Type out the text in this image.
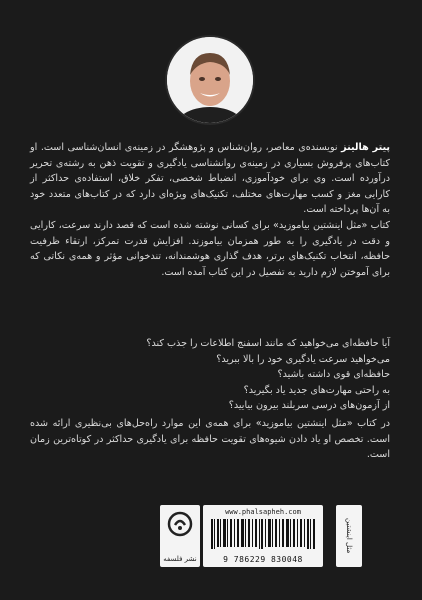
پیتر هالینز نویسنده‌ی معاصر، روان‌شناس و پژوهشگر در زمینه‌ی انسان‌شناسی است. او کتاب‌های پرفروش بسیاری در زمینه‌ی روانشناسی یادگیری و تقویت ذهن به رشته‌ی تحریر درآورده است. وی برای خودآموزی، انضباط شخصی، تفکر خلاق، استفاده‌ی حداکثر از کارایی مغز و کسب مهارت‌های مختلف، تکنیک‌های ویژه‌ای دارد که در کتاب‌های متعدد خود به آن‌ها پرداخته است.

کتاب «مثل اینشتین بیاموزید» برای کسانی نوشته شده است که قصد دارند سرعت، کارایی و دقت در یادگیری را به طور همزمان بیاموزند. افزایش قدرت تمرکز، ارتقاء ظرفیت حافظه، انتخاب تکنیک‌های برتر، هدف گذاری هوشمندانه، تندخوانی مؤثر و همه‌ی نکاتی که برای آموختن لازم دارید به تفصیل در این کتاب آمده است.

آیا حافظه‌ای می‌خواهید که مانند اسفنج اطلاعات را جذب کند؟

می‌خواهید سرعت یادگیری خود را بالا ببرید؟

حافظه‌ای قوی داشته باشید؟

به راحتی مهارت‌های جدید یاد بگیرید؟

از آزمون‌های درسی سربلند بیرون بیایید؟

در کتاب «مثل اینشتین بیاموزید» برای همه‌ی این موارد راه‌حل‌های بی‌نظیری ارائه شده است. تخصص او یاد دادن شیوه‌های تقویت حافظه برای یادگیری حداکثر در کوتاه‌ترین زمان است.

نشر فلسفه
www.phalsapheh.com
9 786229 830048
مثل اینشتین
